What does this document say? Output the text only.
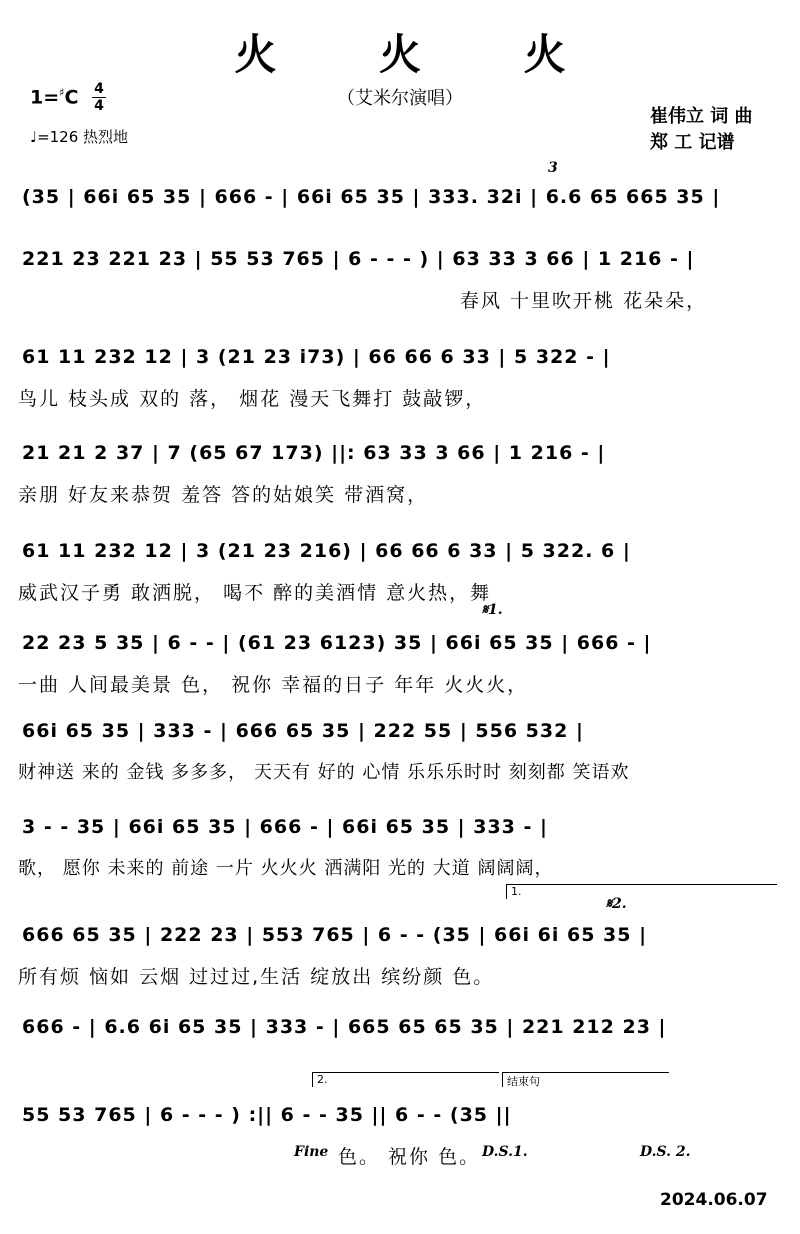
火 火 火
1=♯C 4
4	（艾米尔演唱）
♩=126 热烈地
崔伟立 词 曲
郑 工 记谱
3
(35 | 66i 65 35 | 666 - | 66i 65 35 | 333. 32i | 6.6 65 665 35 |
221 23 221 23 | 55 53 765 | 6 - - - ) | 63 33 3 66 | 1 216 - |
春风 十里吹开桃 花朵朵，
61 11 232 12 | 3 (21 23 i73) | 66 66 6 33 | 5 322 - |
鸟儿 枝头成 双的 落， 烟花 漫天飞舞打 鼓敲锣，
21 21 2 37 | 7 (65 67 173) ||: 63 33 3 66 | 1 216 - |
亲朋 好友来恭贺 羞答 答的姑娘笑 带酒窝，
61 11 232 12 | 3 (21 23 216) | 66 66 6 33 | 5 322. 6 |
威武汉子勇 敢洒脱， 喝不 醉的美酒情 意火热，舞
𝄋1.
22 23 5 35 | 6 - - | (61 23 6123) 35 | 66i 65 35 | 666 - |
一曲 人间最美景 色， 祝你 幸福的日子 年年 火火火，
66i 65 35 | 333 - | 666 65 35 | 222 55 | 556 532 |
财神送 来的 金钱 多多多， 天天有 好的 心情 乐乐乐时时 刻刻都 笑语欢
3 - - 35 | 66i 65 35 | 666 - | 66i 65 35 | 333 - |
歌， 愿你 未来的 前途 一片 火火火 洒满阳 光的 大道 阔阔阔，
1.
𝄋2.
666 65 35 | 222 23 | 553 765 | 6 - - (35 | 66i 6i 65 35 |
所有烦 恼如 云烟 过过过,生活 绽放出 缤纷颜 色。
666 - | 6.6 6i 65 35 | 333 - | 665 65 65 35 | 221 212 23 |
2.	结束句
55 53 765 | 6 - - - ) :|| 6 - - 35 || 6 - - (35 ||
Fine 色。 祝你 色。 D.S.1.	D.S. 2.
2024.06.07
